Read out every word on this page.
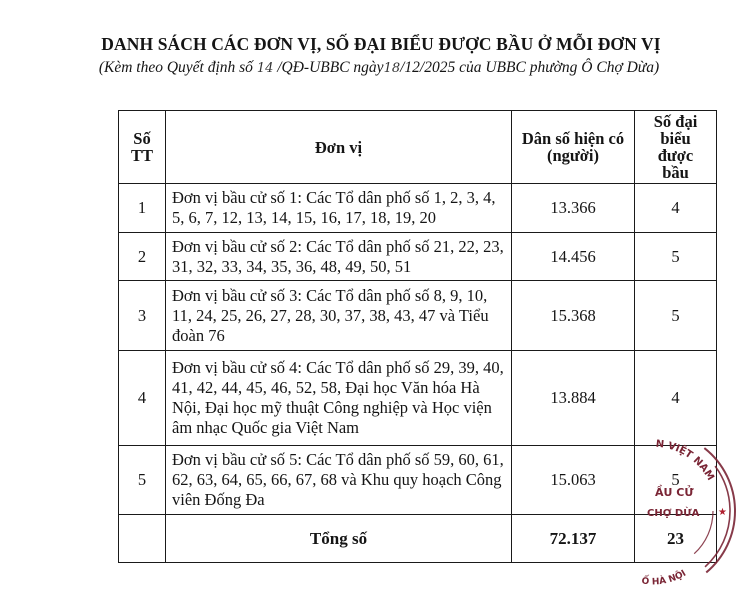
DANH SÁCH CÁC ĐƠN VỊ, SỐ ĐẠI BIỂU ĐƯỢC BẦU Ở MỖI ĐƠN VỊ
(Kèm theo Quyết định số 14 /QĐ-UBBC ngày18/12/2025 của UBBC phường Ô Chợ Dừa)
Số TT	Đơn vị	Dân số hiện có (người)	Số đại biểu được bầu

1	Đơn vị bầu cử số 1: Các Tổ dân phố số 1, 2, 3, 4, 5, 6, 7, 12, 13, 14, 15, 16, 17, 18, 19, 20	13.366	4
2	Đơn vị bầu cử số 2: Các Tổ dân phố số 21, 22, 23, 31, 32, 33, 34, 35, 36, 48, 49, 50, 51	14.456	5
3	Đơn vị bầu cử số 3: Các Tổ dân phố số 8, 9, 10, 11, 24, 25, 26, 27, 28, 30, 37, 38, 43, 47 và Tiểu đoàn 76	15.368	5
4	Đơn vị bầu cử số 4: Các Tổ dân phố số 29, 39, 40, 41, 42, 44, 45, 46, 52, 58, Đại học Văn hóa Hà Nội, Đại học mỹ thuật Công nghiệp và Học viện âm nhạc Quốc gia Việt Nam	13.884	4
5	Đơn vị bầu cử số 5: Các Tổ dân phố số 59, 60, 61, 62, 63, 64, 65, 66, 67, 68 và Khu quy hoạch Công viên Đống Đa	15.063	5
	Tổng số	72.137	23
N VIỆT NAM
Ố HÀ NỘI
ẦU CỬ
CHỢ DỪA ★
